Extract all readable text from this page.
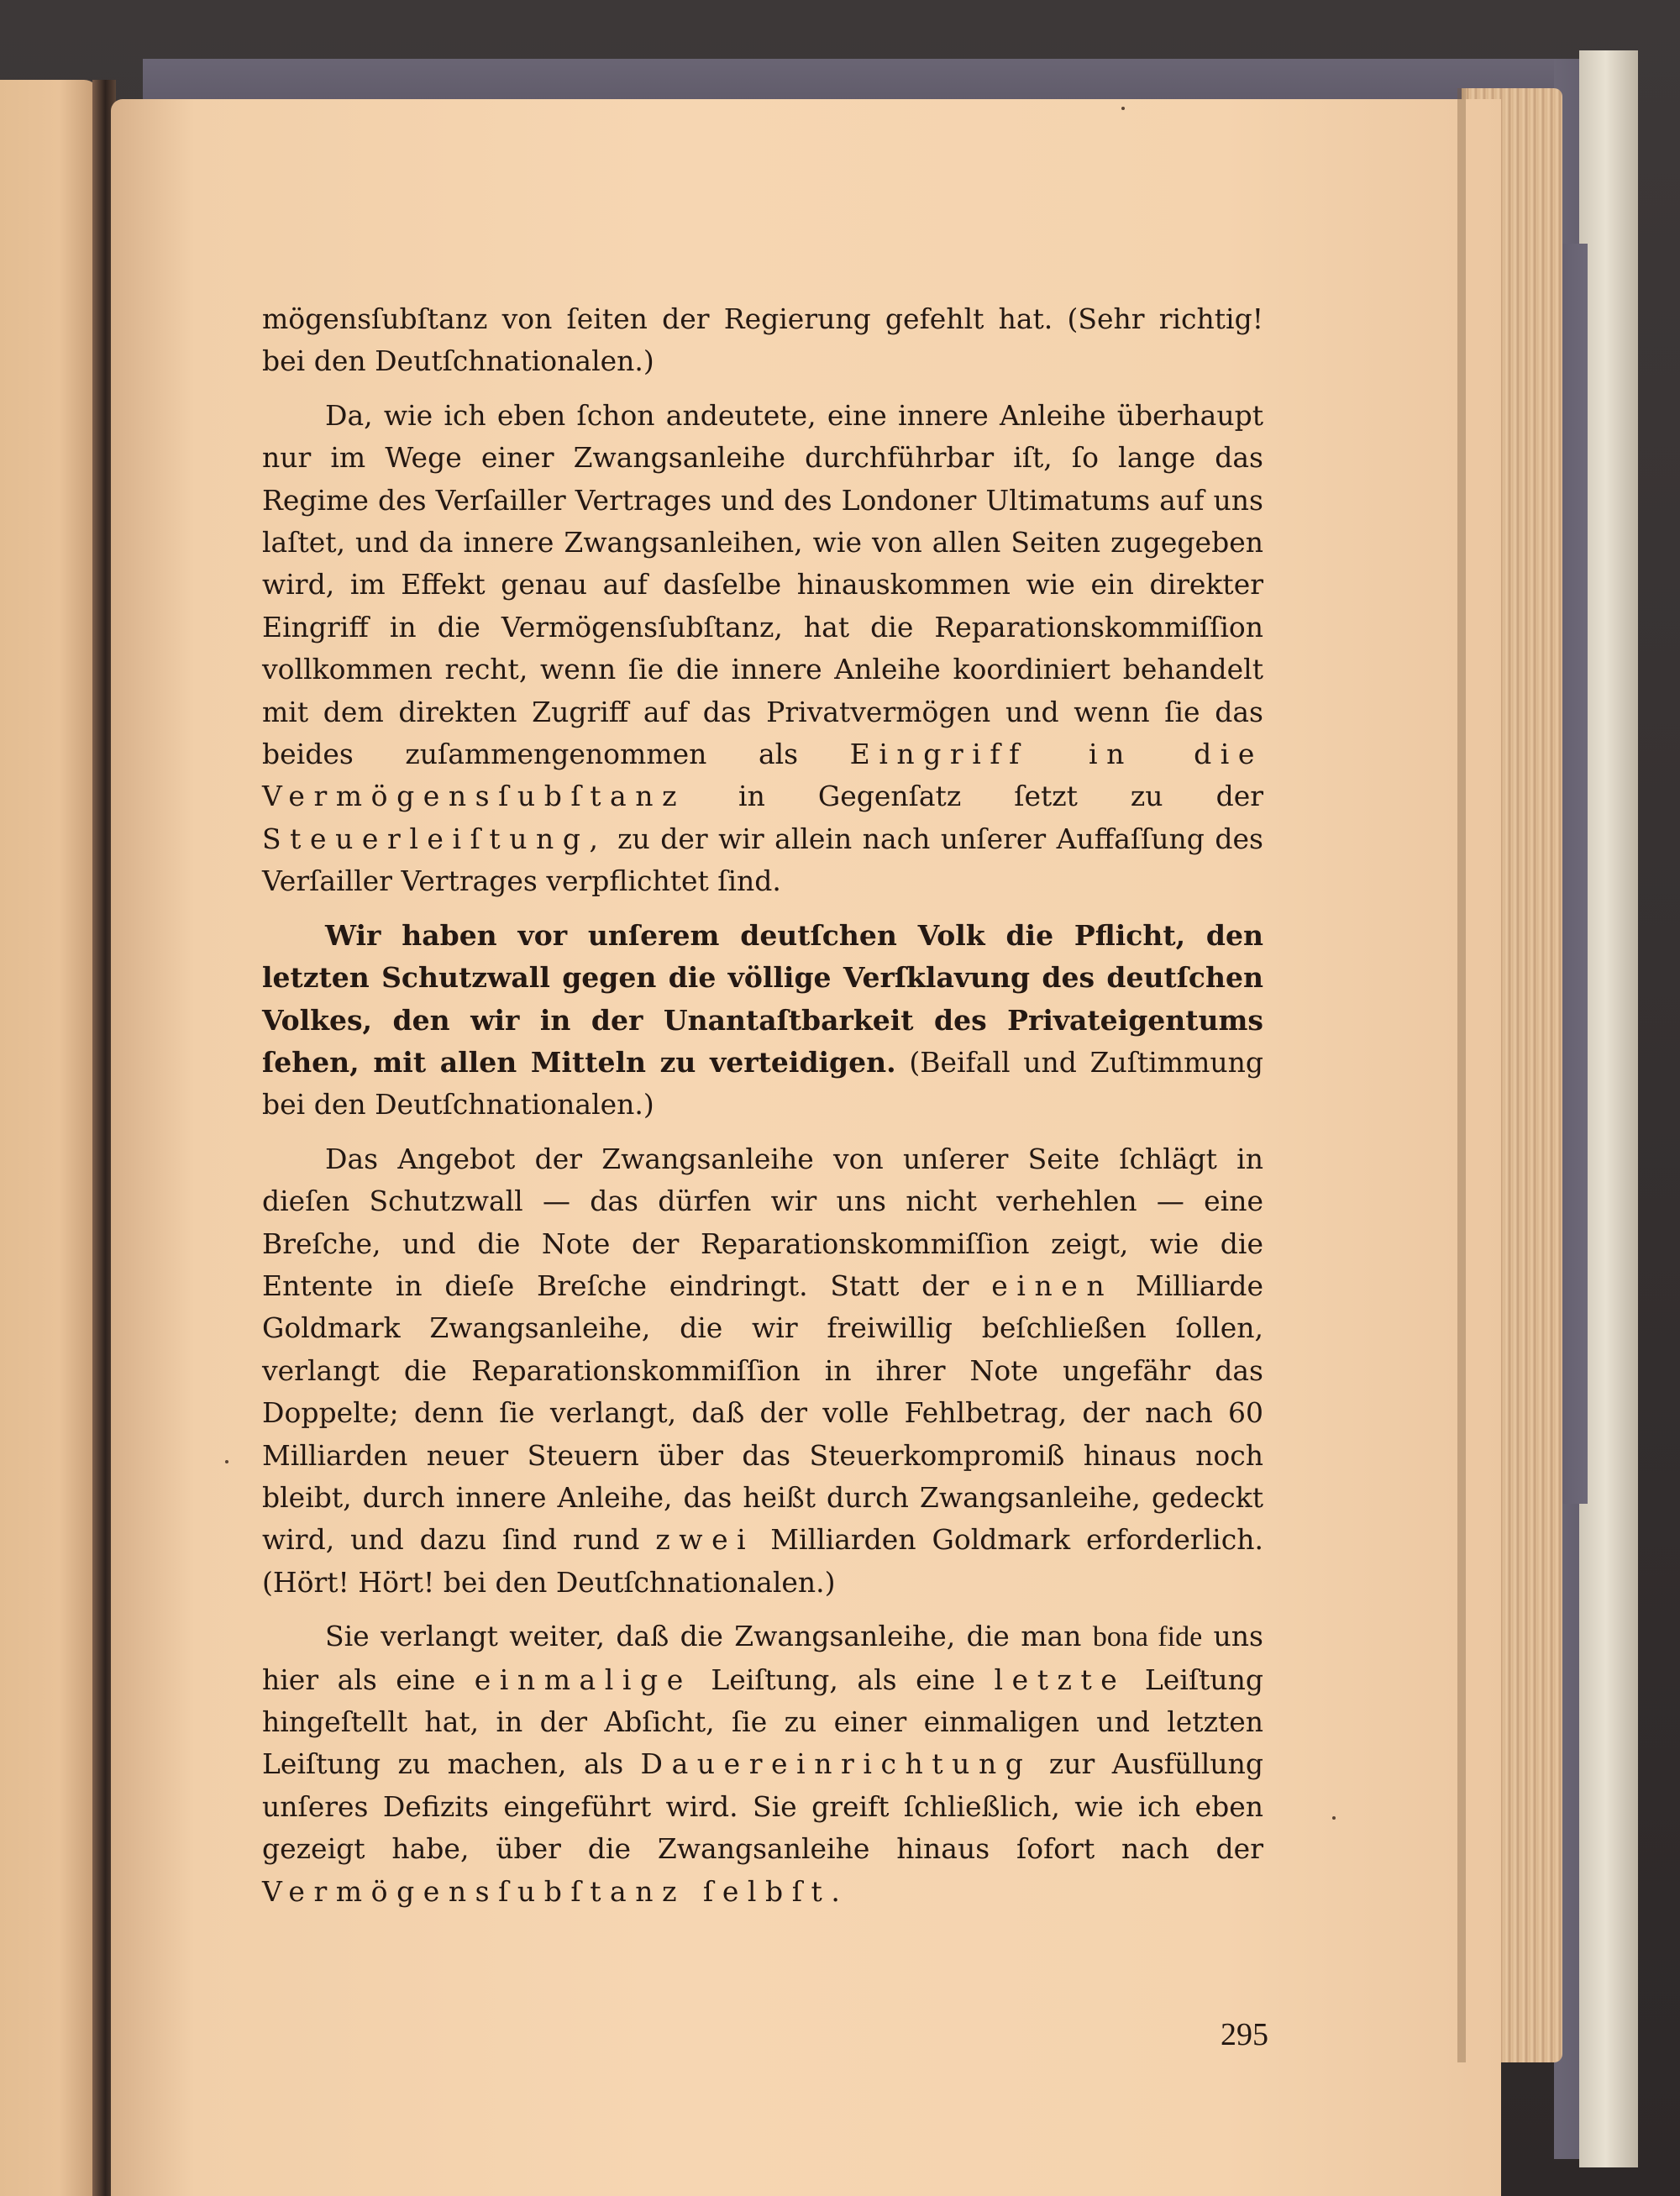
mögensſubſtanz von ſeiten der Regierung gefehlt hat. (Sehr richtig! bei den Deutſchnationalen.)

Da, wie ich eben ſchon andeutete, eine innere Anleihe überhaupt nur im Wege einer Zwangsanleihe durchführbar iſt, ſo lange das Regime des Verſailler Vertrages und des Londoner Ultimatums auf uns laſtet, und da innere Zwangsanleihen, wie von allen Seiten zugegeben wird, im Effekt genau auf dasſelbe hinauskommen wie ein direkter Eingriff in die Vermögensſubſtanz, hat die Reparationskommiſſion vollkommen recht, wenn ſie die innere Anleihe koordiniert behandelt mit dem direkten Zugriff auf das Privatvermögen und wenn ſie das beides zuſammengenommen als Eingriff in die Vermögensſubſtanz in Gegenſatz ſetzt zu der Steuerleiſtung, zu der wir allein nach unſerer Auffaſſung des Verſailler Vertrages verpflichtet ſind.

Wir haben vor unſerem deutſchen Volk die Pflicht, den letzten Schutzwall gegen die völlige Verſklavung des deutſchen Volkes, den wir in der Unantaſtbarkeit des Privateigentums ſehen, mit allen Mitteln zu verteidigen. (Beifall und Zuſtimmung bei den Deutſchnationalen.)

Das Angebot der Zwangsanleihe von unſerer Seite ſchlägt in dieſen Schutzwall — das dürfen wir uns nicht verhehlen — eine Breſche, und die Note der Reparationskommiſſion zeigt, wie die Entente in dieſe Breſche eindringt. Statt der einen Milliarde Goldmark Zwangsanleihe, die wir freiwillig beſchließen ſollen, verlangt die Reparationskommiſſion in ihrer Note ungefähr das Doppelte; denn ſie verlangt, daß der volle Fehlbetrag, der nach 60 Milliarden neuer Steuern über das Steuerkompromiß hinaus noch bleibt, durch innere Anleihe, das heißt durch Zwangsanleihe, gedeckt wird, und dazu ſind rund zwei Milliarden Goldmark erforderlich. (Hört! Hört! bei den Deutſchnationalen.)

Sie verlangt weiter, daß die Zwangsanleihe, die man bona fide uns hier als eine einmalige Leiſtung, als eine letzte Leiſtung hingeſtellt hat, in der Abſicht, ſie zu einer einmaligen und letzten Leiſtung zu machen, als Dauereinrichtung zur Ausfüllung unſeres Defizits eingeführt wird. Sie greift ſchließlich, wie ich eben gezeigt habe, über die Zwangsanleihe hinaus ſofort nach der Vermögensſubſtanz ſelbſt.

295
